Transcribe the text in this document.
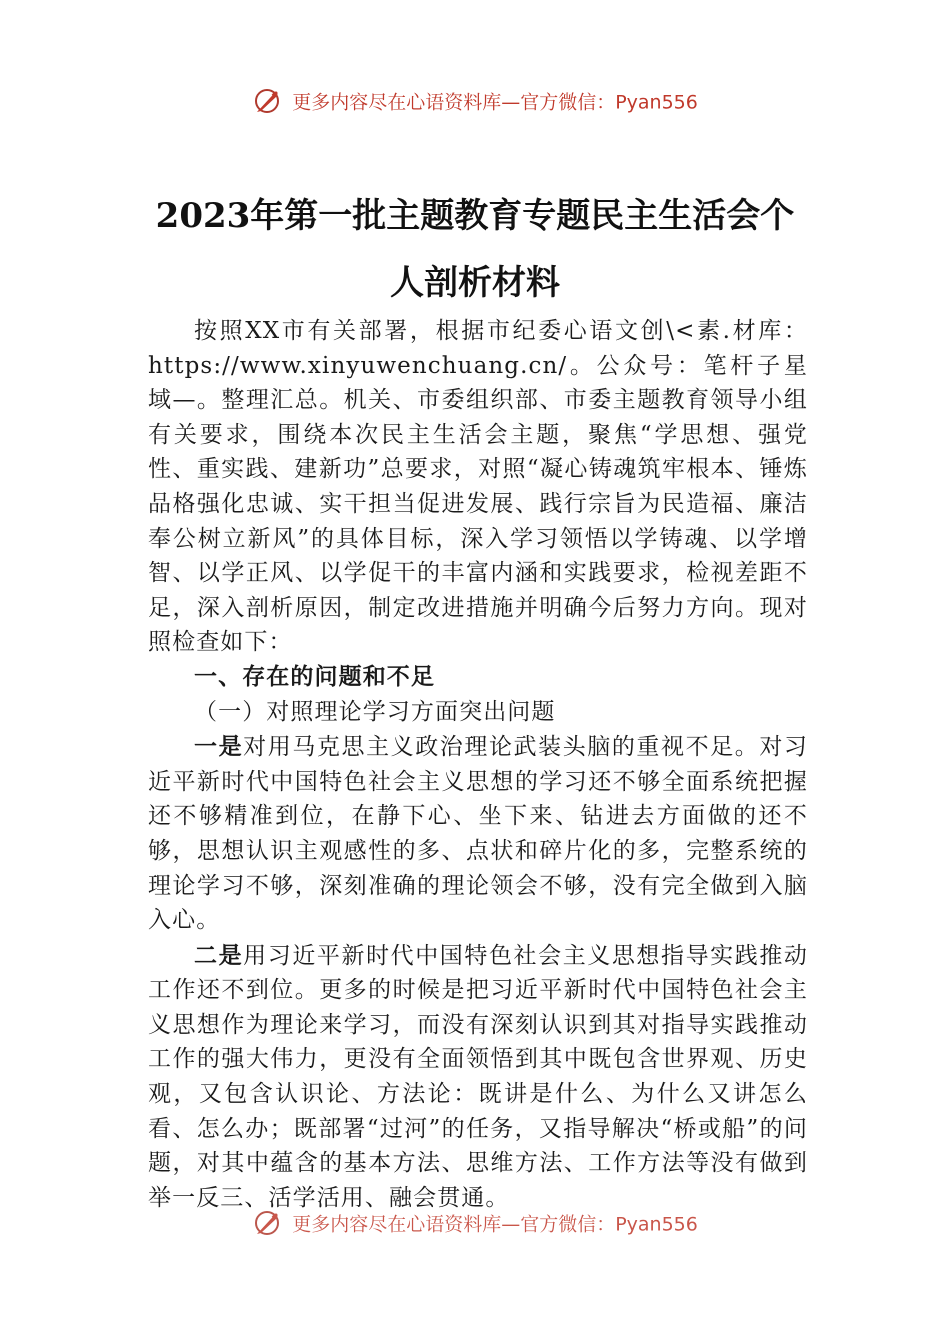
更多内容尽在心语资料库—官方微信：Pyan556
2023年第一批主题教育专题民主生活会个
人剖析材料

按照XX市有关部署，根据市纪委心语文创\<素.材库：https://www.xinyuwenchuang.cn/。公众号：笔杆子星域—。整理汇总。机关、市委组织部、市委主题教育领导小组有关要求，围绕本次民主生活会主题，聚焦“学思想、强党性、重实践、建新功”总要求，对照“凝心铸魂筑牢根本、锤炼品格强化忠诚、实干担当促进发展、践行宗旨为民造福、廉洁奉公树立新风”的具体目标，深入学习领悟以学铸魂、以学增智、以学正风、以学促干的丰富内涵和实践要求，检视差距不足，深入剖析原因，制定改进措施并明确今后努力方向。现对照检查如下：

一、存在的问题和不足

（一）对照理论学习方面突出问题

一是对用马克思主义政治理论武装头脑的重视不足。对习近平新时代中国特色社会主义思想的学习还不够全面系统把握还不够精准到位，在静下心、坐下来、钻进去方面做的还不够，思想认识主观感性的多、点状和碎片化的多，完整系统的理论学习不够，深刻准确的理论领会不够，没有完全做到入脑入心。

二是用习近平新时代中国特色社会主义思想指导实践推动工作还不到位。更多的时候是把习近平新时代中国特色社会主义思想作为理论来学习，而没有深刻认识到其对指导实践推动工作的强大伟力，更没有全面领悟到其中既包含世界观、历史观，又包含认识论、方法论：既讲是什么、为什么又讲怎么看、怎么办；既部署“过河”的任务，又指导解决“桥或船”的问题，对其中蕴含的基本方法、思维方法、工作方法等没有做到举一反三、活学活用、融会贯通。

更多内容尽在心语资料库—官方微信：Pyan556
